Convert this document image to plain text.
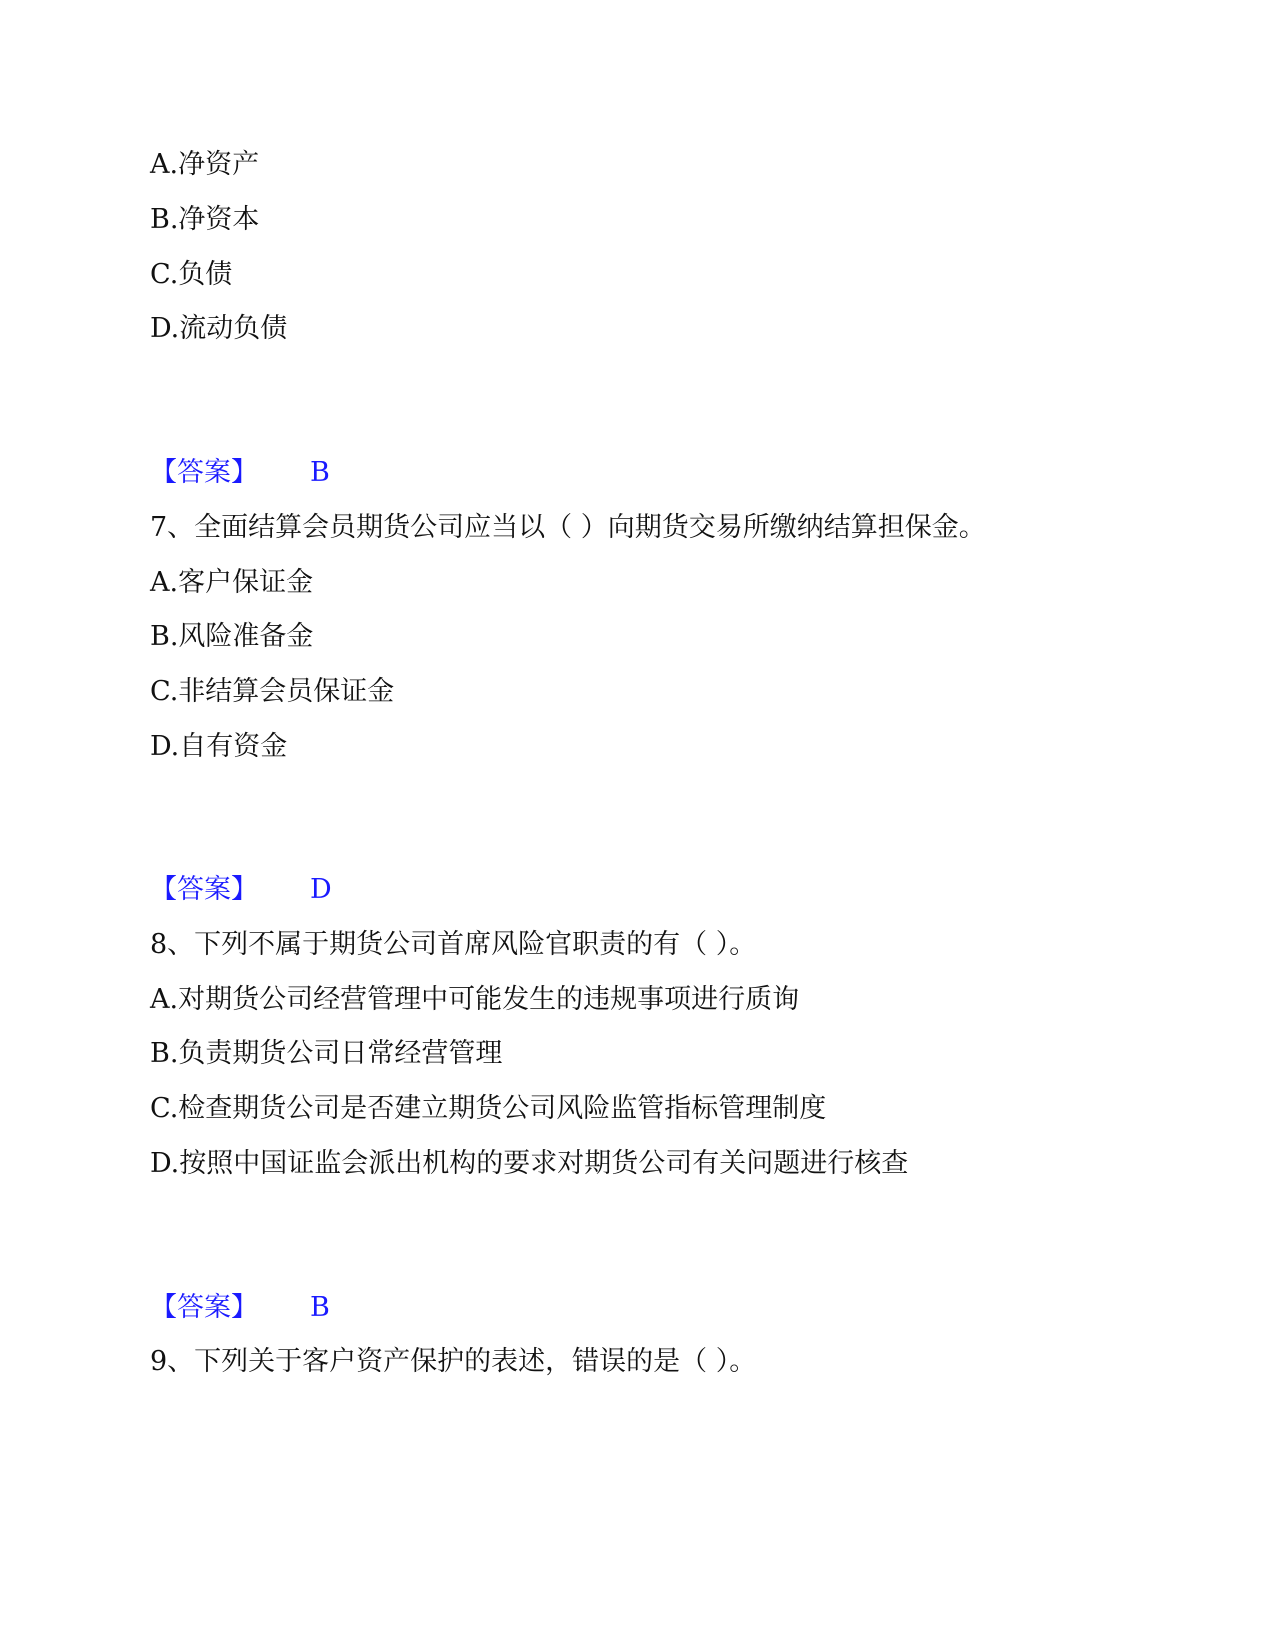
A.净资产
B.净资本
C.负债
D.流动负债
【答案】 B
7、全面结算会员期货公司应当以（ ）向期货交易所缴纳结算担保金。
A.客户保证金
B.风险准备金
C.非结算会员保证金
D.自有资金
【答案】 D
8、下列不属于期货公司首席风险官职责的有（ ）。
A.对期货公司经营管理中可能发生的违规事项进行质询
B.负责期货公司日常经营管理
C.检查期货公司是否建立期货公司风险监管指标管理制度
D.按照中国证监会派出机构的要求对期货公司有关问题进行核查
【答案】 B
9、下列关于客户资产保护的表述，错误的是（ ）。
